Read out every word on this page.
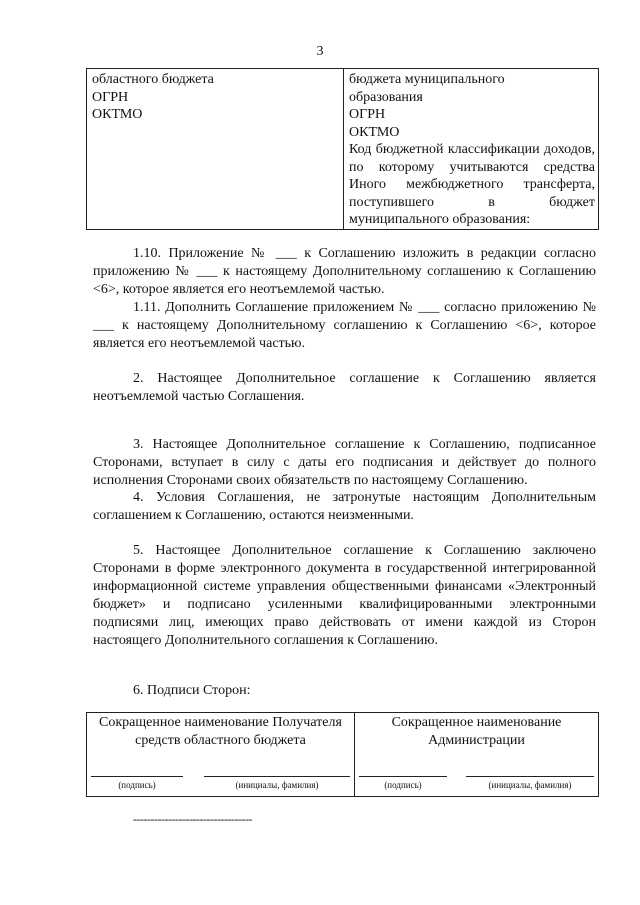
3
областного бюджета
ОГРН
ОКТМО

бюджета муниципального
образования
ОГРН
ОКТМО
Код бюджетной классификации доходов, по которому учитываются средства Иного межбюджетного трансферта, поступившего в бюджет муниципального образования:

1.10. Приложение № ___ к Соглашению изложить в редакции согласно приложению № ___ к настоящему Дополнительному соглашению к Соглашению <6>, которое является его неотъемлемой частью.

1.11. Дополнить Соглашение приложением № ___ согласно приложению № ___ к настоящему Дополнительному соглашению к Соглашению <6>, которое является его неотъемлемой частью.

2. Настоящее Дополнительное соглашение к Соглашению является неотъемлемой частью Соглашения.

3. Настоящее Дополнительное соглашение к Соглашению, подписанное Сторонами, вступает в силу с даты его подписания и действует до полного исполнения Сторонами своих обязательств по настоящему Соглашению.

4. Условия Соглашения, не затронутые настоящим Дополнительным соглашением к Соглашению, остаются неизменными.

5. Настоящее Дополнительное соглашение к Соглашению заключено Сторонами в форме электронного документа в государственной интегрированной информационной системе управления общественными финансами «Электронный бюджет» и подписано усиленными квалифицированными электронными подписями лиц, имеющих право действовать от имени каждой из Сторон настоящего Дополнительного соглашения к Соглашению.

6. Подписи Сторон:

Сокращенное наименование Получателя средств областного бюджета
(подпись)	(инициалы, фамилия)

Сокращенное наименование Администрации
(подпись)	(инициалы, фамилия)
----------------------------------
